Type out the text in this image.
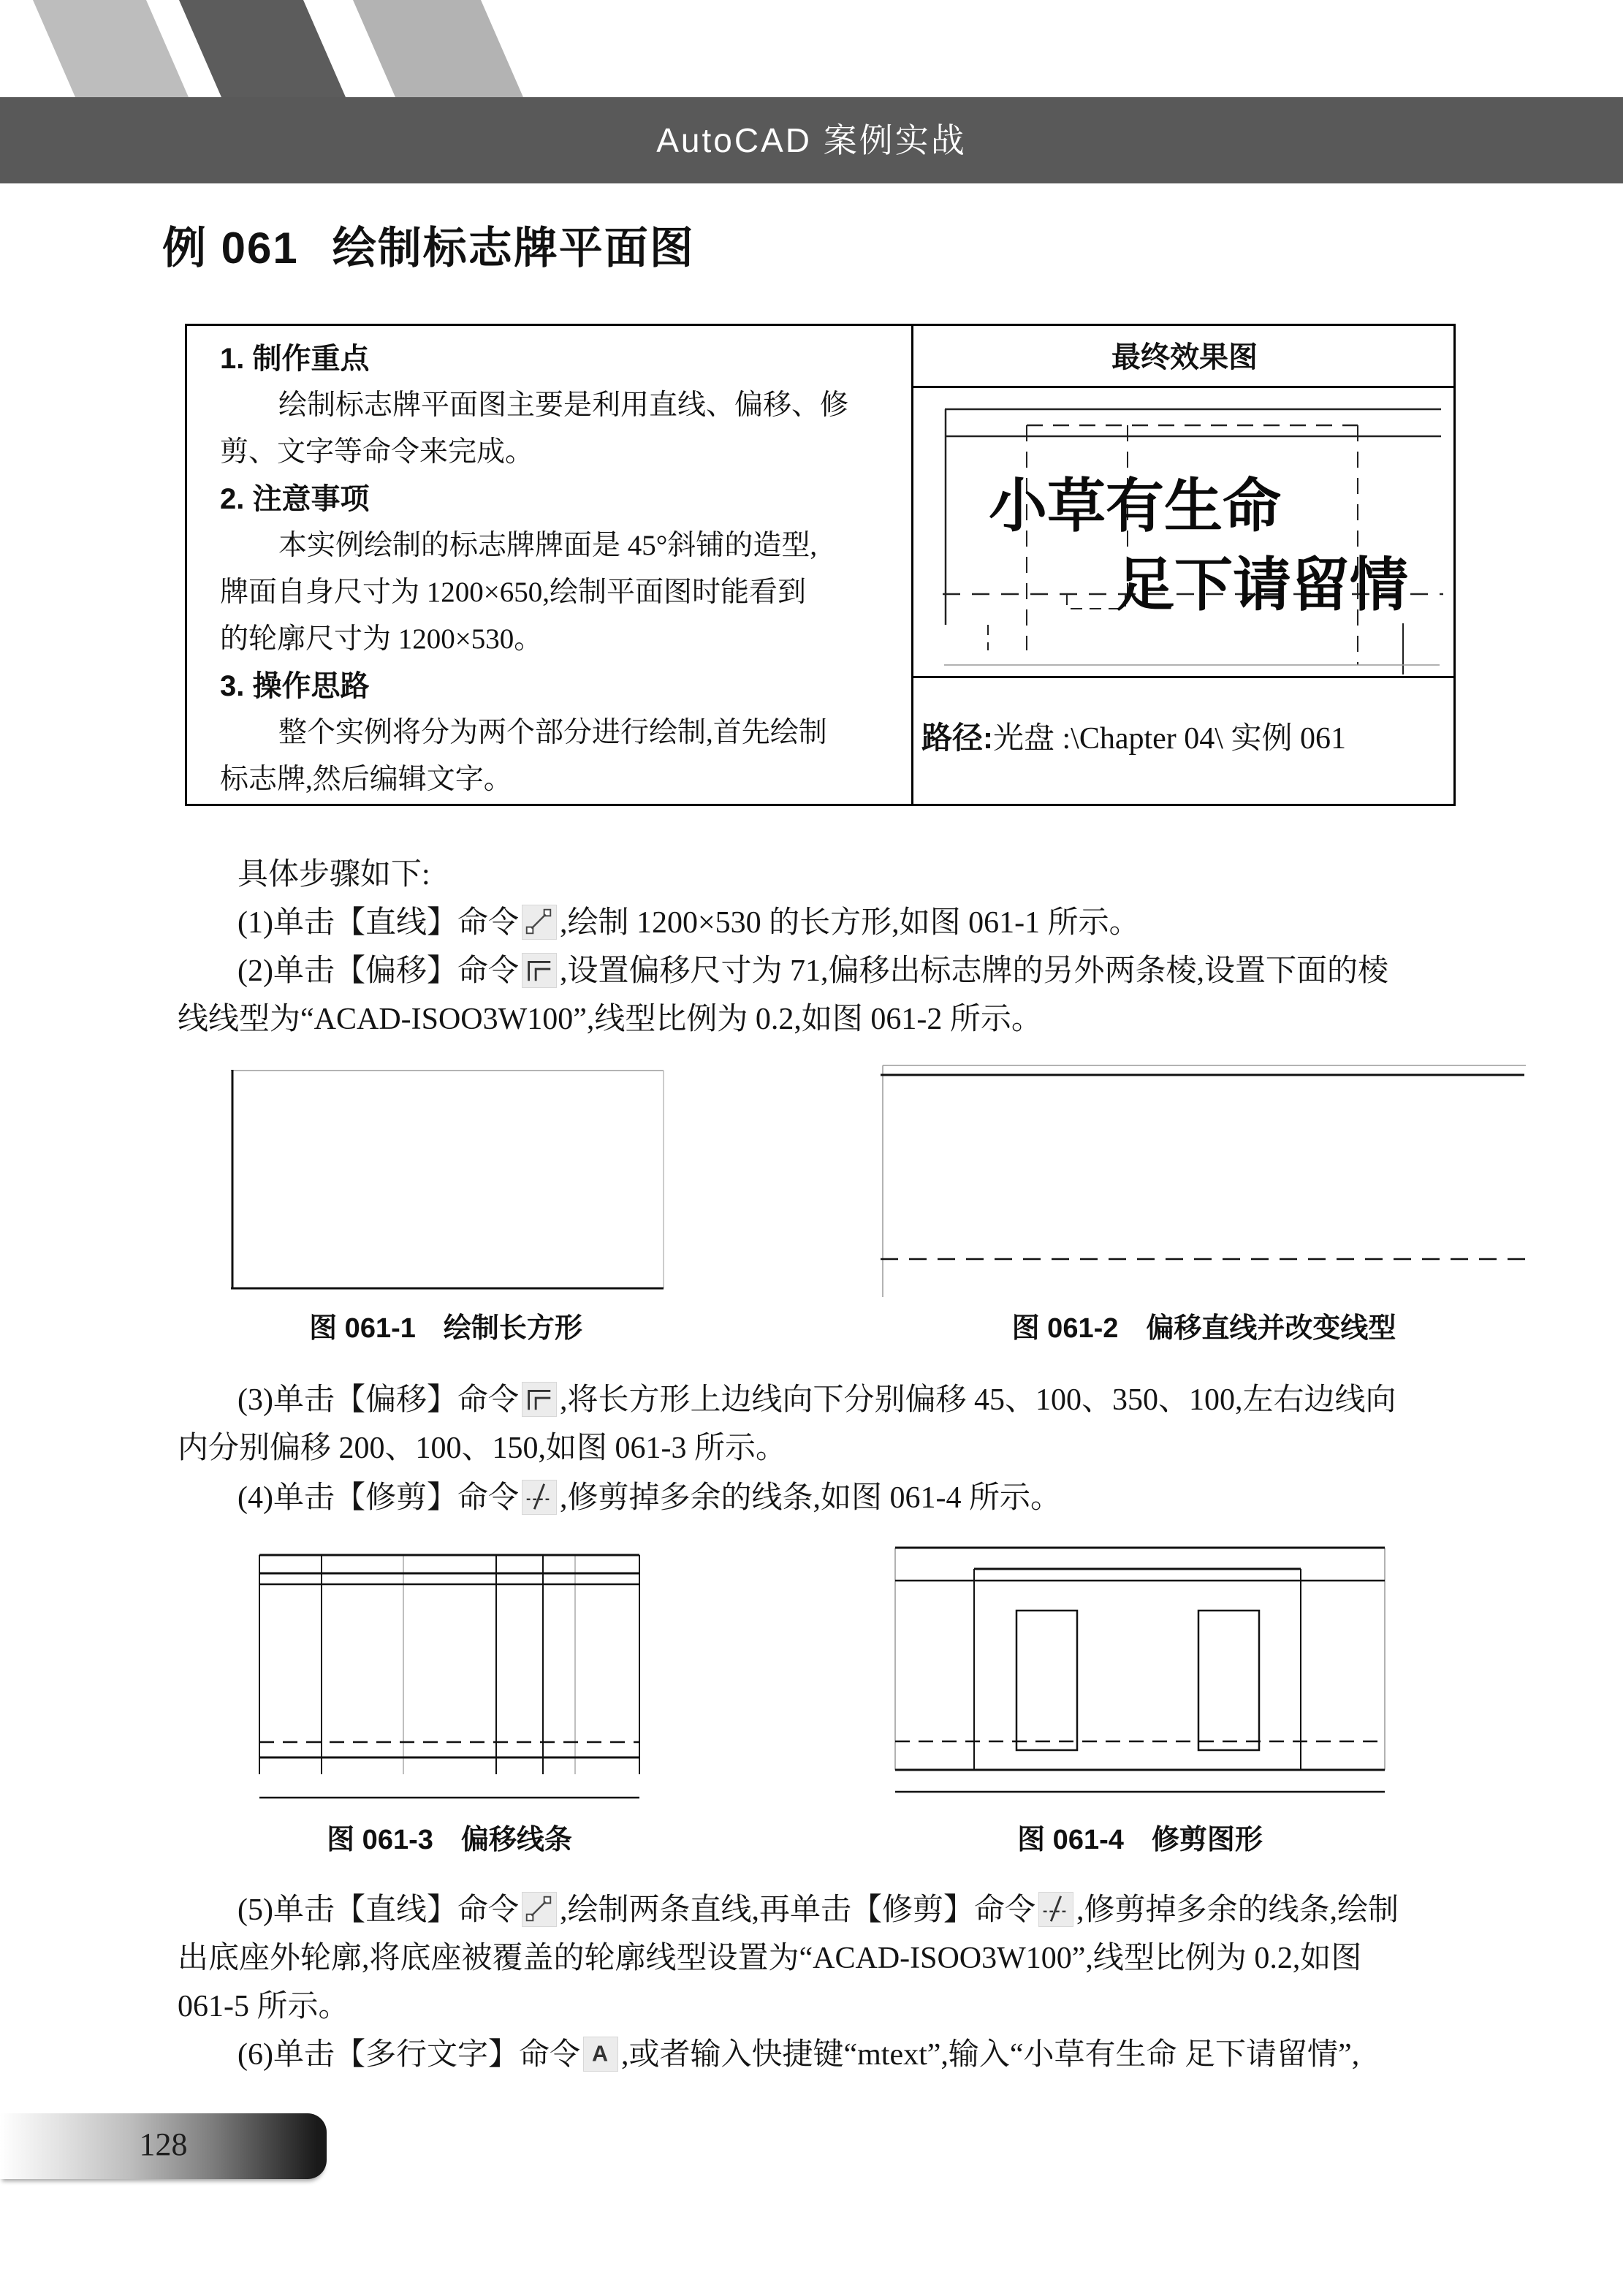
AutoCAD 案例实战
例 061 绘制标志牌平面图
1. 制作重点
绘制标志牌平面图主要是利用直线、偏移、修
剪、文字等命令来完成。
2. 注意事项
本实例绘制的标志牌牌面是 45°斜铺的造型,
牌面自身尺寸为 1200×650,绘制平面图时能看到
的轮廓尺寸为 1200×530。
3. 操作思路
整个实例将分为两个部分进行绘制,首先绘制
标志牌,然后编辑文字。
最终效果图
小草有生命
足下请留情
路径:光盘 :\Chapter 04\ 实例 061
具体步骤如下:
(1)单击【直线】命令 ,绘制 1200×530 的长方形,如图 061-1 所示。
(2)单击【偏移】命令 ,设置偏移尺寸为 71,偏移出标志牌的另外两条棱,设置下面的棱
线线型为“ACAD-ISOO3W100”,线型比例为 0.2,如图 061-2 所示。
(3)单击【偏移】命令 ,将长方形上边线向下分别偏移 45、100、350、100,左右边线向
内分别偏移 200、100、150,如图 061-3 所示。
(4)单击【修剪】命令 ,修剪掉多余的线条,如图 061-4 所示。
(5)单击【直线】命令 ,绘制两条直线,再单击【修剪】命令 ,修剪掉多余的线条,绘制
出底座外轮廓,将底座被覆盖的轮廓线型设置为“ACAD-ISOO3W100”,线型比例为 0.2,如图
061-5 所示。
(6)单击【多行文字】命令 A ,或者输入快捷键“mtext”,输入“小草有生命 足下请留情”,
图 061-1　绘制长方形	图 061-2　偏移直线并改变线型
图 061-3　偏移线条	图 061-4　修剪图形
128
